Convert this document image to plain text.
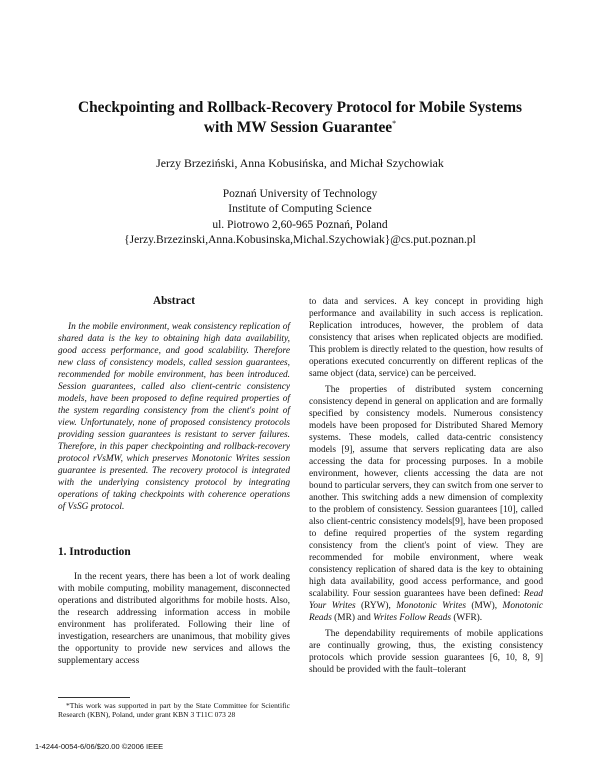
Checkpointing and Rollback-Recovery Protocol for Mobile Systems
with MW Session Guarantee*
Jerzy Brzeziński, Anna Kobusińska, and Michał Szychowiak
Poznań University of Technology
Institute of Computing Science
ul. Piotrowo 2,60-965 Poznań, Poland
{Jerzy.Brzezinski,Anna.Kobusinska,Michal.Szychowiak}@cs.put.poznan.pl
Abstract

In the mobile environment, weak consistency replication of shared data is the key to obtaining high data availability, good access performance, and good scalability. Therefore new class of consistency models, called session guarantees, recommended for mobile environment, has been introduced. Session guarantees, called also client-centric consistency models, have been proposed to define required properties of the system regarding consistency from the client's point of view. Unfortunately, none of proposed consistency protocols providing session guarantees is resistant to server failures. Therefore, in this paper checkpointing and rollback-recovery protocol rVsMW, which preserves Monotonic Writes session guarantee is presented. The recovery protocol is integrated with the underlying consistency protocol by integrating operations of taking checkpoints with coherence operations of VsSG protocol.

1. Introduction

In the recent years, there has been a lot of work dealing with mobile computing, mobility management, disconnected operations and distributed algorithms for mobile hosts. Also, the research addressing information access in mobile environment has proliferated. Following their line of investigation, researchers are unanimous, that mobility gives the opportunity to provide new services and allows the supplementary access

*This work was supported in part by the State Committee for Scientific Research (KBN), Poland, under grant KBN 3 T11C 073 28

to data and services. A key concept in providing high performance and availability in such access is replication. Replication introduces, however, the problem of data consistency that arises when replicated objects are modified. This problem is directly related to the question, how results of operations executed concurrently on different replicas of the same object (data, service) can be perceived.

The properties of distributed system concerning consistency depend in general on application and are formally specified by consistency models. Numerous consistency models have been proposed for Distributed Shared Memory systems. These models, called data-centric consistency models [9], assume that servers replicating data are also accessing the data for processing purposes. In a mobile environment, however, clients accessing the data are not bound to particular servers, they can switch from one server to another. This switching adds a new dimension of complexity to the problem of consistency. Session guarantees [10], called also client-centric consistency models[9], have been proposed to define required properties of the system regarding consistency from the client's point of view. They are recommended for mobile environment, where weak consistency replication of shared data is the key to obtaining high data availability, good access performance, and good scalability. Four session guarantees have been defined: Read Your Writes (RYW), Monotonic Writes (MW), Monotonic Reads (MR) and Writes Follow Reads (WFR).

The dependability requirements of mobile applications are continually growing, thus, the existing consistency protocols which provide session guarantees [6, 10, 8, 9] should be provided with the fault–tolerant

1-4244-0054-6/06/$20.00 ©2006 IEEE
